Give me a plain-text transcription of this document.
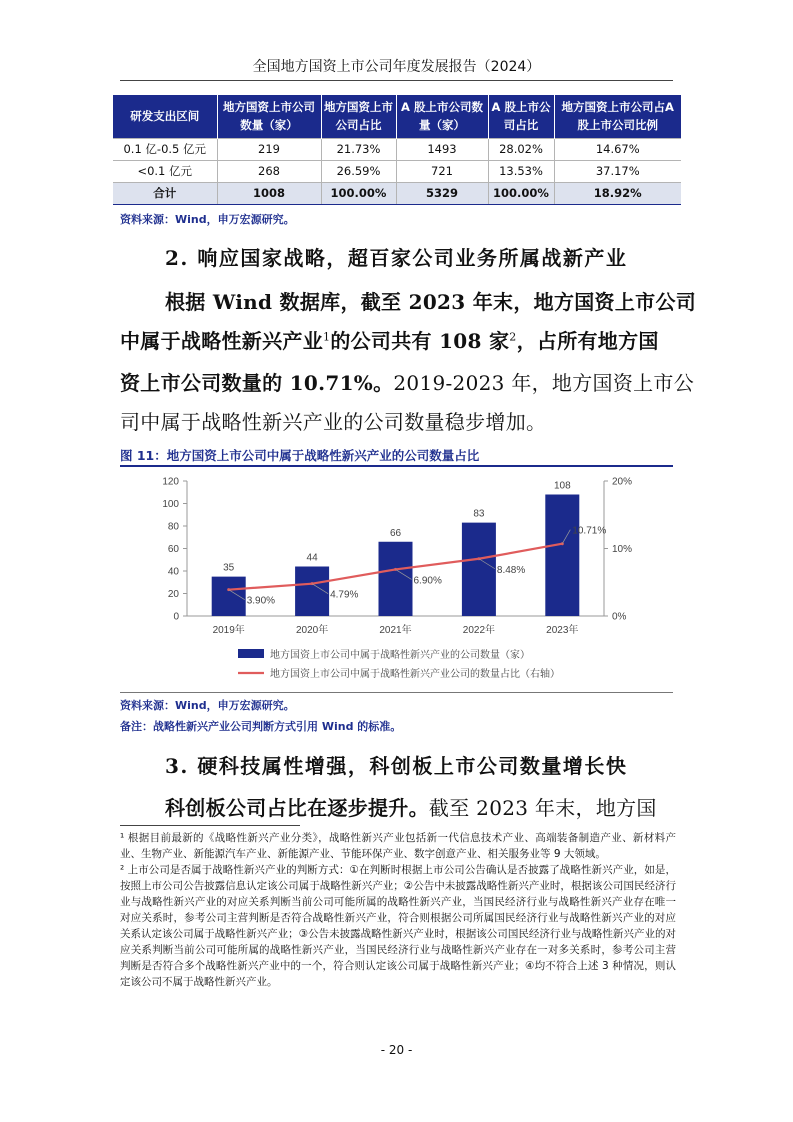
全国地方国资上市公司年度发展报告（2024）
研发支出区间	地方国资上市公司数量（家）	地方国资上市公司占比	A 股上市公司数量（家）	A 股上市公司占比	地方国资上市公司占A 股上市公司比例
0.1 亿-0.5 亿元	219	21.73%	1493	28.02%	14.67%
<0.1 亿元	268	26.59%	721	13.53%	37.17%
合计	1008	100.00%	5329	100.00%	18.92%
资料来源：Wind，申万宏源研究。
2. 响应国家战略，超百家公司业务所属战新产业
根据 Wind 数据库，截至 2023 年末，地方国资上市公司
中属于战略性新兴产业$^1$的公司共有 108 家$^2$，占所有地方国
资上市公司数量的 10.71%。2019-2023 年，地方国资上市公
司中属于战略性新兴产业的公司数量稳步增加。
图 11：地方国资上市公司中属于战略性新兴产业的公司数量占比
0
20
40
60
80
100
120
0%
10%
20%
2019年	2020年	2021年	2022年	2023年
35
44
66
83
108
3.90%
4.79%
6.90%
8.48%
10.71%
地方国资上市公司中属于战略性新兴产业的公司数量（家）
地方国资上市公司中属于战略性新兴产业公司的数量占比（右轴）
资料来源：Wind，申万宏源研究。
备注：战略性新兴产业公司判断方式引用 Wind 的标准。
3. 硬科技属性增强，科创板上市公司数量增长快
科创板公司占比在逐步提升。截至 2023 年末，地方国

¹ 根据目前最新的《战略性新兴产业分类》，战略性新兴产业包括新一代信息技术产业、高端装备制造产业、新材料产业、生物产业、新能源汽车产业、新能源产业、节能环保产业、数字创意产业、相关服务业等 9 大领域。

² 上市公司是否属于战略性新兴产业的判断方式：①在判断时根据上市公司公告确认是否披露了战略性新兴产业，如是，按照上市公司公告披露信息认定该公司属于战略性新兴产业；②公告中未披露战略性新兴产业时，根据该公司国民经济行业与战略性新兴产业的对应关系判断当前公司可能所属的战略性新兴产业，当国民经济行业与战略性新兴产业存在唯一对应关系时，参考公司主营判断是否符合战略性新兴产业，符合则根据公司所属国民经济行业与战略性新兴产业的对应关系认定该公司属于战略性新兴产业；③公告未披露战略性新兴产业时，根据该公司国民经济行业与战略性新兴产业的对应关系判断当前公司可能所属的战略性新兴产业，当国民经济行业与战略性新兴产业存在一对多关系时，参考公司主营判断是否符合多个战略性新兴产业中的一个，符合则认定该公司属于战略性新兴产业；④均不符合上述 3 种情况，则认定该公司不属于战略性新兴产业。

- 20 -
